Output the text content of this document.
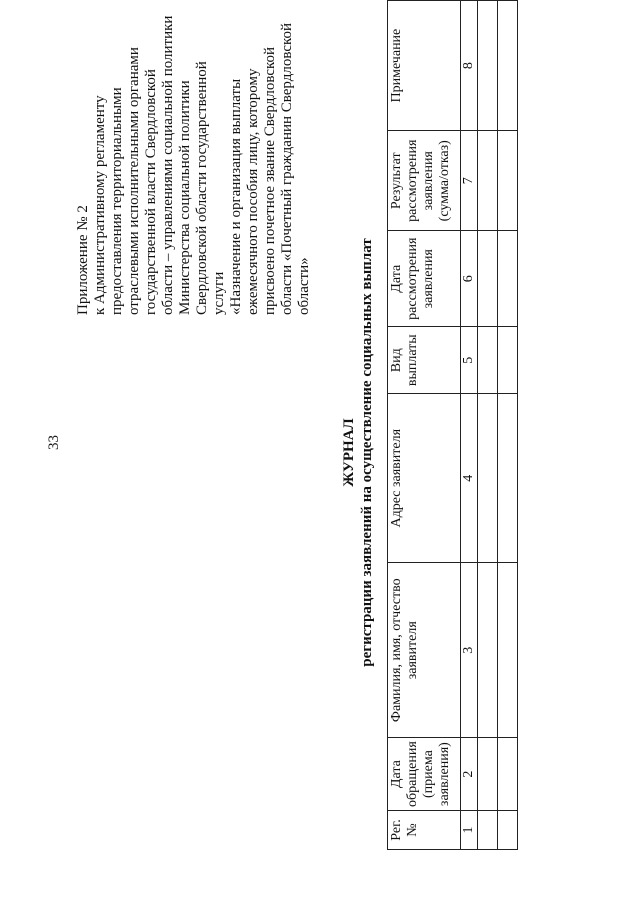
33
Приложение № 2
к Административному регламенту
предоставления территориальными
отраслевыми исполнительными органами
государственной власти Свердловской
области – управлениями социальной политики
Министерства социальной политики
Свердловской области государственной услуги
«Назначение и организация выплаты
ежемесячного пособия лицу, которому
присвоено почетное звание Свердловской
области «Почетный гражданин Свердловской
области»
ЖУРНАЛ регистрации заявлений на осуществление социальных выплат
Рег. №	Дата обращения (приема заявления)	Фамилия, имя, отчество заявителя	Адрес заявителя	Вид выплаты	Дата рассмотрения заявления	Результат рассмотрения заявления (сумма/отказ)	Примечание
1	2	3	4	5	6	7	8
